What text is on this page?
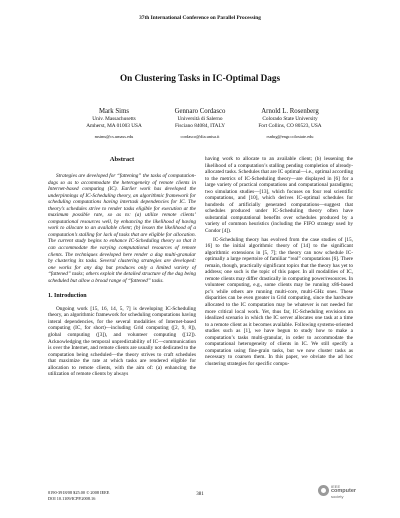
37th International Conference on Parallel Processing
On Clustering Tasks in IC-Optimal Dags
Mark Sims
Univ. Massachusetts
Amherst, MA 01003 USA
msims@cs.umass.edu
Gennaro Cordasco
Università di Salerno
Fisciano 84084, ITALY
cordasco@dia.unisa.it
Arnold L. Rosenberg
Colorado State University
Fort Collins, CO 80523, USA
rsnbrg@engr.colostate.edu
Abstract

Strategies are developed for “fattening” the tasks of computation-dags so as to accommodate the heterogeneity of remote clients in Internet-based computing (IC). Earlier work has developed the underpinnings of IC-Scheduling theory, an algorithmic framework for scheduling computations having intertask dependencies for IC. The theory’s schedules strive to render tasks eligible for execution at the maximum possible rate, so as to: (a) utilize remote clients’ computational resources well, by enhancing the likelihood of having work to allocate to an available client; (b) lessen the likelihood of a computation’s stalling for lack of tasks that are eligible for allocation. The current study begins to enhance IC-Scheduling theory so that it can accommodate the varying computational resources of remote clients. The techniques developed here render a dag multi-granular by clustering its tasks. Several clustering strategies are developed: one works for any dag but produces only a limited variety of “fattened” tasks; others exploit the detailed structure of the dag being scheduled but allow a broad range of “fattened” tasks.

1. Introduction

Ongoing work [15, 16, 14, 5, 7] is developing IC-Scheduling theory, an algorithmic framework for scheduling computations having interal dependencies, for the several modalities of Internet-based computing (IC, for short)—including Grid computing ([2, 9, 8]), global computing ([3]), and volunteer computing ([12]). Acknowledging the temporal unpredictability of IC—communication is over the Internet, and remote clients are usually not dedicated to the computation being scheduled—the theory strives to craft schedules that maximize the rate at which tasks are rendered eligible for allocation to remote clients, with the aim of: (a) enhancing the utilization of remote clients by always

having work to allocate to an available client; (b) lessening the likelihood of a computation’s stalling pending completion of already-allocated tasks. Schedules that are IC optimal—i.e., optimal according to the metrics of IC-Scheduling theory—are displayed in [6] for a large variety of practical computations and computational paradigms; two simulation studies—[13], which focuses on four real scientific computations, and [10], which derives IC-optimal schedules for hundreds of artificially generated computations—suggest that schedules produced under IC-Scheduling theory often have substantial computational benefits over schedules produced by a variety of common heuristics (including the FIFO strategy used by Condor [4]).

IC-Scheduling theory has evolved from the case studies of [15, 16] to the initial algorithmic theory of [14] to the significant algorithmic extensions in [5, 7]; the theory can now schedule IC-optimally a large repertoire of familiar “real” computations [6]. There remain, though, practically significant topics that the theory has yet to address; one such is the topic of this paper. In all modalities of IC, remote clients may differ drastically in computing power/resources. In volunteer computing, e.g., some clients may be running x86-based pc’s while others are running multi-core, multi-GHz ones. These disparities can be even greater in Grid computing, since the hardware allocated to the IC computation may be whatever is not needed for more critical local work. Yet, thus far, IC-Scheduling envisions an idealized scenario in which the IC server allocates one task at a time to a remote client as it becomes available. Following systems-oriented studies such as [1], we have begun to study how to make a computation’s tasks multi-granular, in order to accommodate the computational heterogeneity of clients in IC. We still specify a computation using fine-grain tasks, but we now cluster tasks as necessary to coarsen them. In this paper, we obviate the ad hoc clustering strategies for specific compu-

0190-3918/08 $25.00 © 2008 IEEE
DOI 10.1109/ICPP.2008.16
381
IEEE
computer
society
